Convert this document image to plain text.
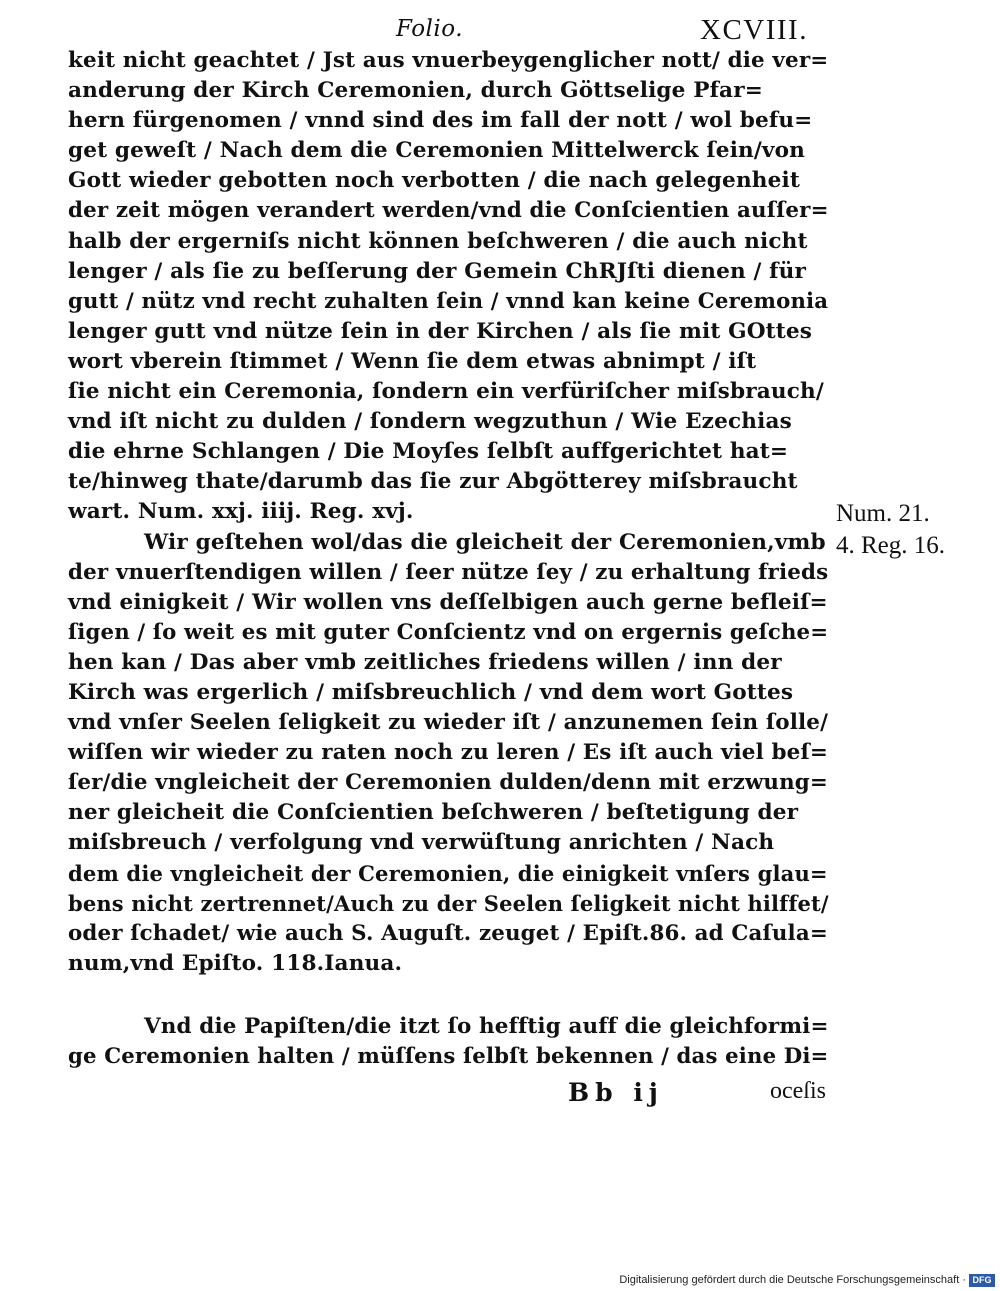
Folio.	XCVIII.
keit nicht geachtet / Jst aus vnuerbeygenglicher nott/ die ver=
anderung der Kirch Ceremonien, durch Göttselige Pfar=
hern fürgenomen / vnnd sind des im fall der nott / wol befu=
get geweſt / Nach dem die Ceremonien Mittelwerck ſein/von
Gott wieder gebotten noch verbotten / die nach gelegenheit
der zeit mögen verandert werden/vnd die Conſcientien auſſer=
halb der ergerniſs nicht können beſchweren / die auch nicht
lenger / als ſie zu beſſerung der Gemein ChRJſti dienen / für
gutt / nütz vnd recht zuhalten ſein / vnnd kan keine Ceremonia
lenger gutt vnd nütze ſein in der Kirchen / als ſie mit GOttes
wort vberein ſtimmet / Wenn ſie dem etwas abnimpt / iſt
ſie nicht ein Ceremonia, ſondern ein verfüriſcher miſsbrauch/
vnd iſt nicht zu dulden / ſondern wegzuthun / Wie Ezechias
die ehrne Schlangen / Die Moyſes ſelbſt auffgerichtet hat=
te/hinweg thate/darumb das ſie zur Abgötterey miſsbraucht
wart. Num. xxj. iiij. Reg. xvj.
Wir geſtehen wol/das die gleicheit der Ceremonien,vmb
der vnuerſtendigen willen / ſeer nütze ſey / zu erhaltung frieds
vnd einigkeit / Wir wollen vns deſſelbigen auch gerne befleiſ=
ſigen / ſo weit es mit guter Conſcientz vnd on ergernis geſche=
hen kan / Das aber vmb zeitliches friedens willen / inn der
Kirch was ergerlich / miſsbreuchlich / vnd dem wort Gottes
vnd vnſer Seelen ſeligkeit zu wieder iſt / anzunemen ſein ſolle/
wiſſen wir wieder zu raten noch zu leren / Es iſt auch viel beſ=
ſer/die vngleicheit der Ceremonien dulden/denn mit erzwung=
ner gleicheit die Conſcientien beſchweren / beſtetigung der
miſsbreuch / verfolgung vnd verwüſtung anrichten / Nach
dem die vngleicheit der Ceremonien, die einigkeit vnſers glau=
bens nicht zertrennet/Auch zu der Seelen ſeligkeit nicht hilffet/
oder ſchadet/ wie auch S. Auguſt. zeuget / Epiſt.86. ad Caſula=
num,vnd Epiſto. 118.Ianua.
Vnd die Papiſten/die itzt ſo hefftig auff die gleichformi=
ge Ceremonien halten / müſſens ſelbſt bekennen / das eine Di=
Num. 21.
4. Reg. 16.
Bb ij	oceſis
Digitalisierung gefördert durch die Deutsche Forschungsgemeinschaft · DFG
